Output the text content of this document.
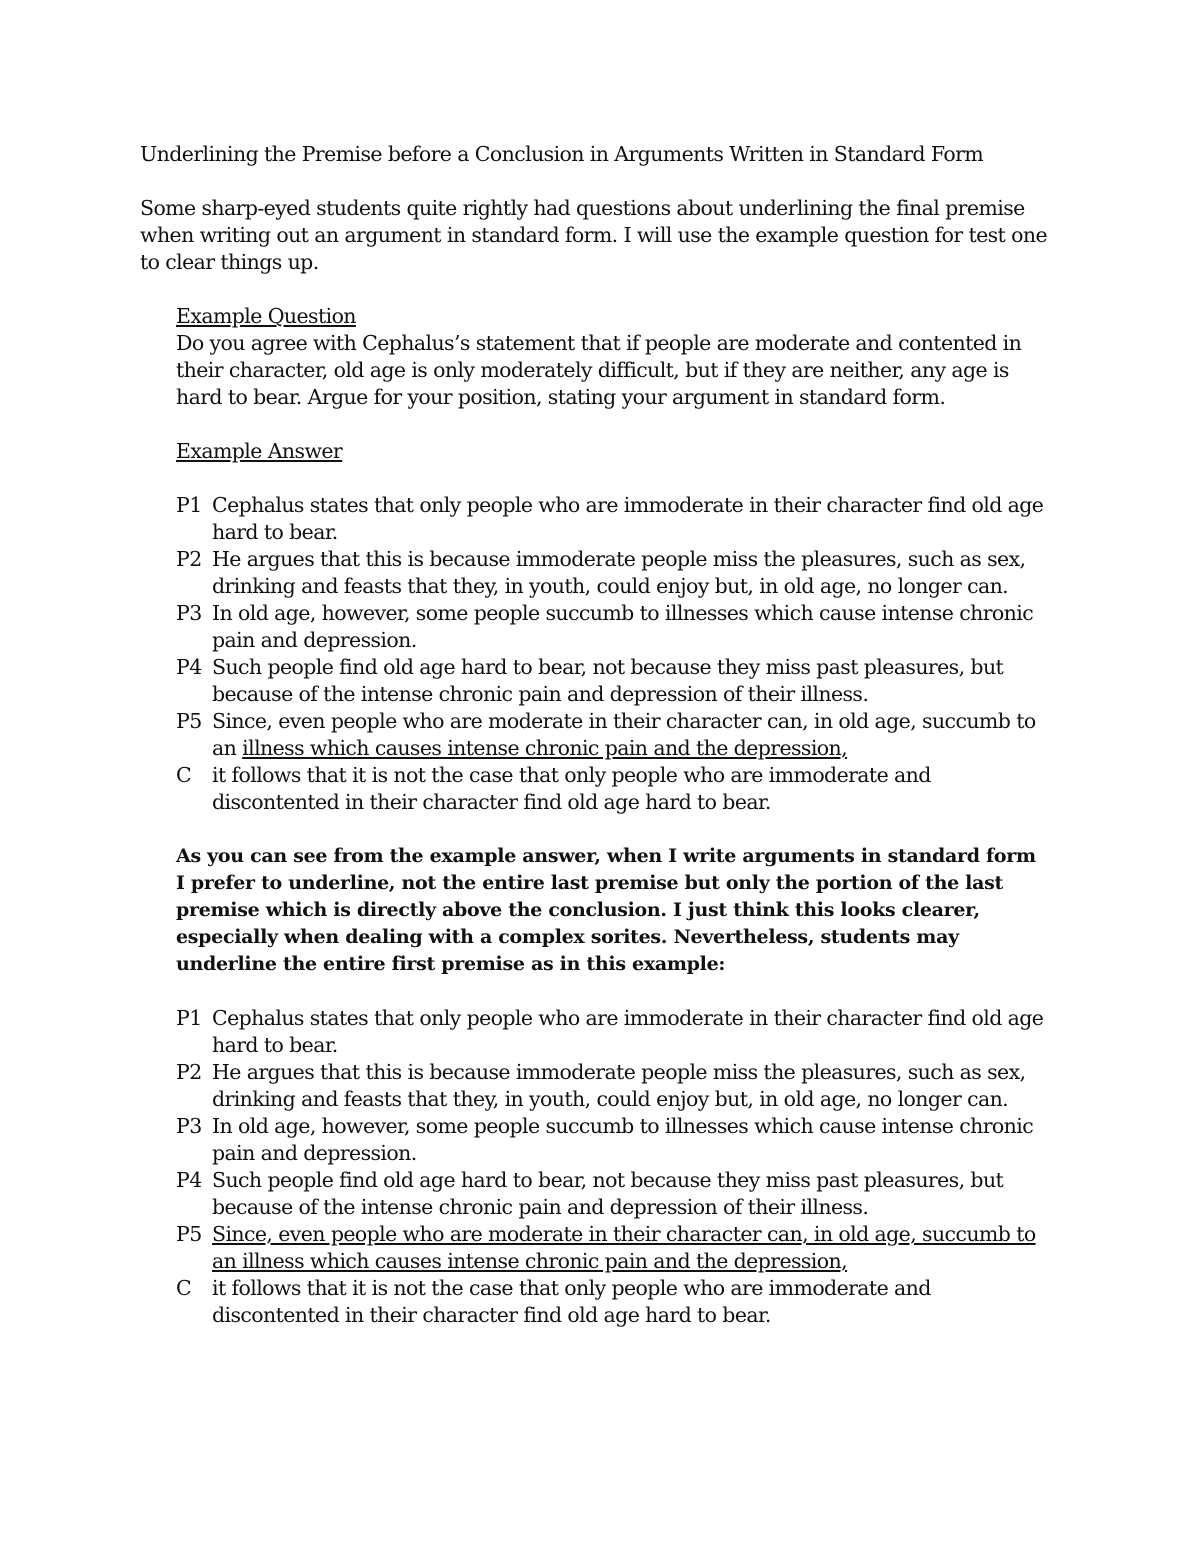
Underlining the Premise before a Conclusion in Arguments Written in Standard Form

Some sharp-eyed students quite rightly had questions about underlining the final premise when writing out an argument in standard form. I will use the example question for test one to clear things up.

Example Question
Do you agree with Cephalus’s statement that if people are moderate and contented in their character, old age is only moderately difficult, but if they are neither, any age is hard to bear. Argue for your position, stating your argument in standard form.
Example Answer
P1 Cephalus states that only people who are immoderate in their character find old age hard to bear.
P2 He argues that this is because immoderate people miss the pleasures, such as sex, drinking and feasts that they, in youth, could enjoy but, in old age, no longer can.
P3 In old age, however, some people succumb to illnesses which cause intense chronic pain and depression.
P4 Such people find old age hard to bear, not because they miss past pleasures, but because of the intense chronic pain and depression of their illness.
P5 Since, even people who are moderate in their character can, in old age, succumb to an illness which causes intense chronic pain and the depression,
C	it follows that it is not the case that only people who are immoderate and discontented in their character find old age hard to bear.

As you can see from the example answer, when I write arguments in standard form I prefer to underline, not the entire last premise but only the portion of the last premise which is directly above the conclusion. I just think this looks clearer, especially when dealing with a complex sorites. Nevertheless, students may underline the entire first premise as in this example:

P1 Cephalus states that only people who are immoderate in their character find old age hard to bear.
P2 He argues that this is because immoderate people miss the pleasures, such as sex, drinking and feasts that they, in youth, could enjoy but, in old age, no longer can.
P3 In old age, however, some people succumb to illnesses which cause intense chronic pain and depression.
P4 Such people find old age hard to bear, not because they miss past pleasures, but because of the intense chronic pain and depression of their illness.
P5 Since, even people who are moderate in their character can, in old age, succumb to an illness which causes intense chronic pain and the depression,
C	it follows that it is not the case that only people who are immoderate and discontented in their character find old age hard to bear.
